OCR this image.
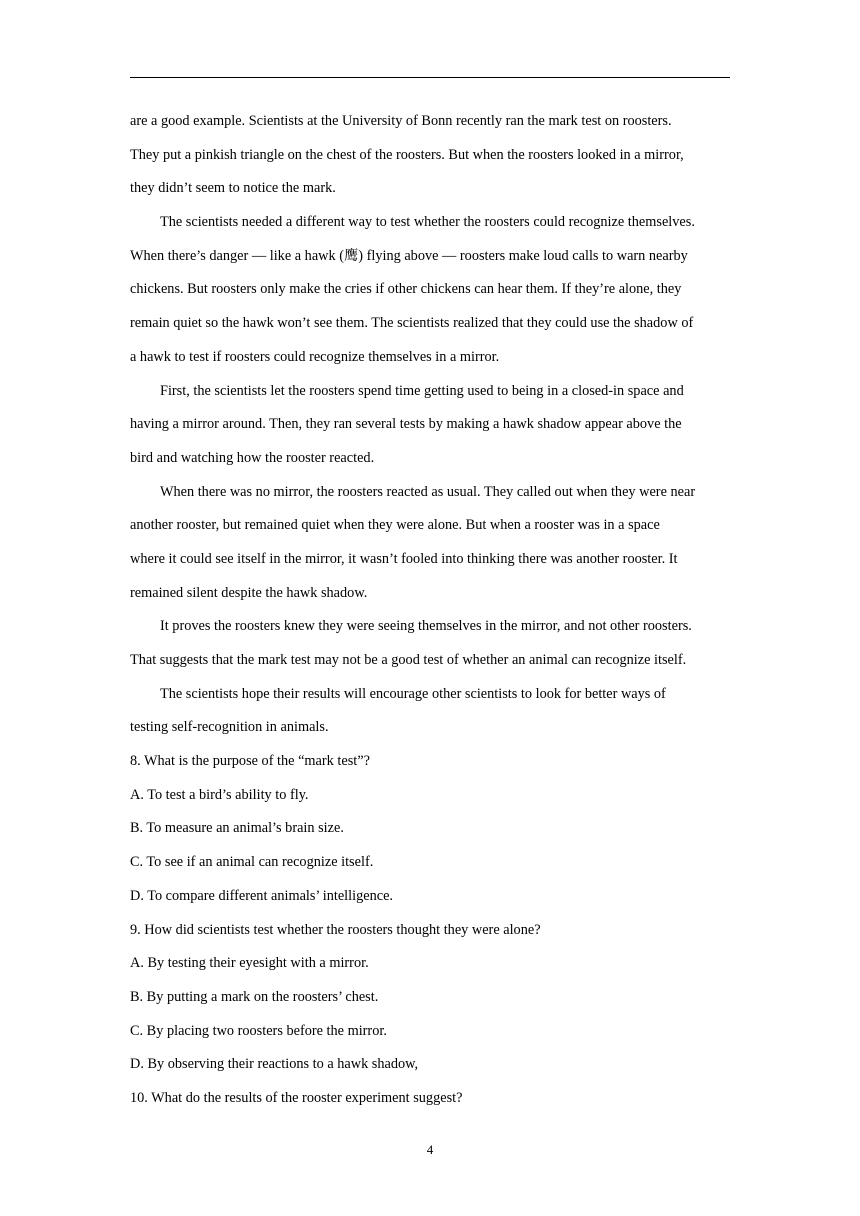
are a good example. Scientists at the University of Bonn recently ran the mark test on roosters.
They put a pinkish triangle on the chest of the roosters. But when the roosters looked in a mirror,
they didn’t seem to notice the mark.
The scientists needed a different way to test whether the roosters could recognize themselves.
When there’s danger — like a hawk (鹰) flying above — roosters make loud calls to warn nearby
chickens. But roosters only make the cries if other chickens can hear them. If they’re alone, they
remain quiet so the hawk won’t see them. The scientists realized that they could use the shadow of
a hawk to test if roosters could recognize themselves in a mirror.
First, the scientists let the roosters spend time getting used to being in a closed-in space and
having a mirror around. Then, they ran several tests by making a hawk shadow appear above the
bird and watching how the rooster reacted.
When there was no mirror, the roosters reacted as usual. They called out when they were near
another rooster, but remained quiet when they were alone. But when a rooster was in a space
where it could see itself in the mirror, it wasn’t fooled into thinking there was another rooster. It
remained silent despite the hawk shadow.
It proves the roosters knew they were seeing themselves in the mirror, and not other roosters.
That suggests that the mark test may not be a good test of whether an animal can recognize itself.
The scientists hope their results will encourage other scientists to look for better ways of
testing self-recognition in animals.
8. What is the purpose of the “mark test”?
A. To test a bird’s ability to fly.
B. To measure an animal’s brain size.
C. To see if an animal can recognize itself.
D. To compare different animals’ intelligence.
9. How did scientists test whether the roosters thought they were alone?
A. By testing their eyesight with a mirror.
B. By putting a mark on the roosters’ chest.
C. By placing two roosters before the mirror.
D. By observing their reactions to a hawk shadow,
10. What do the results of the rooster experiment suggest?
4
